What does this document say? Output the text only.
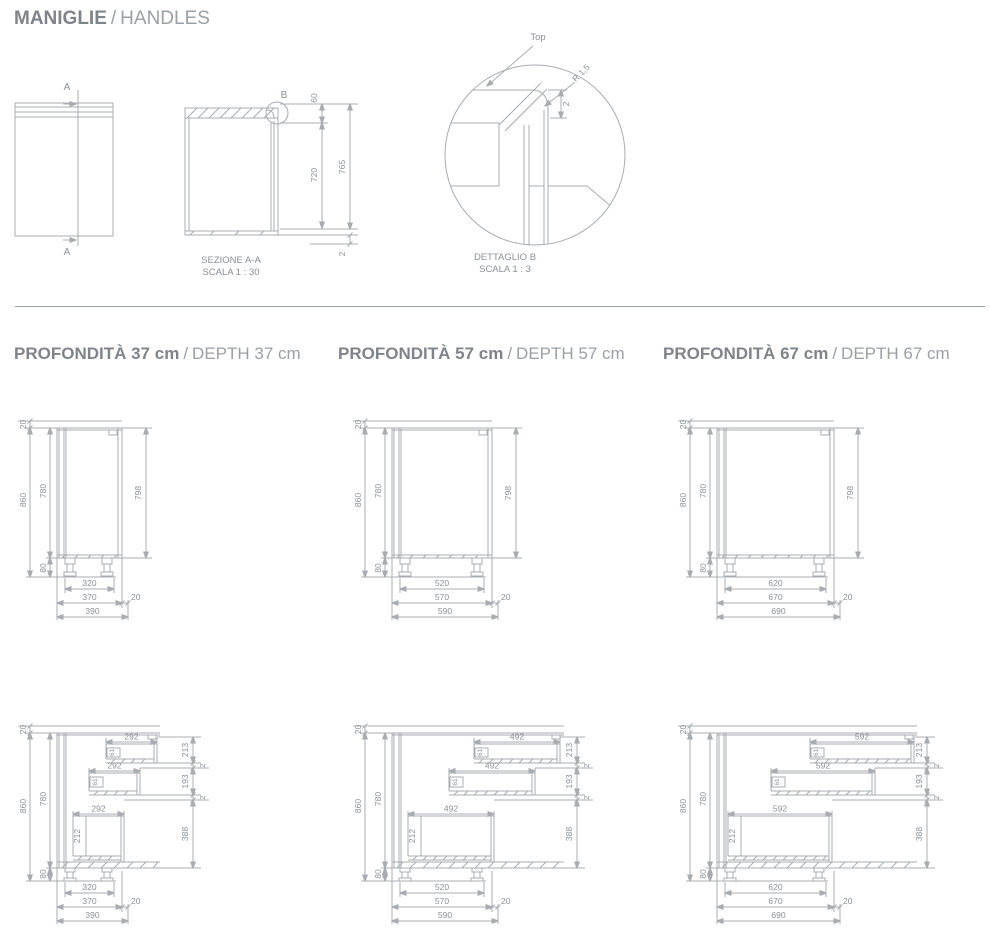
MANIGLIE / HANDLES
A
A
B	60
720
765
2
SEZIONE A-A
SCALA 1 : 30
Top
R 1,5
2
DETTAGLIO B
SCALA 1 : 3
PROFONDITÀ 37 cm / DEPTH 37 cm PROFONDITÀ 57 cm / DEPTH 57 cm PROFONDITÀ 67 cm / DEPTH 67 cm
20
860
780
80
798
320
370	20
390
20
860
780
80
798
520
570	20
590
20
860
780
80
798
620
670	20
690
20
860 780
80
292
61
292
61
292
212
213
2
193
2
388
320
370	20
390
20
860 780
80
492
61
492
61
492
212
213
2
193
2
388
520
570	20
590
20
860 780
80
592
61
592
61
592
212
213
2
193
2
388
620
670	20
690
